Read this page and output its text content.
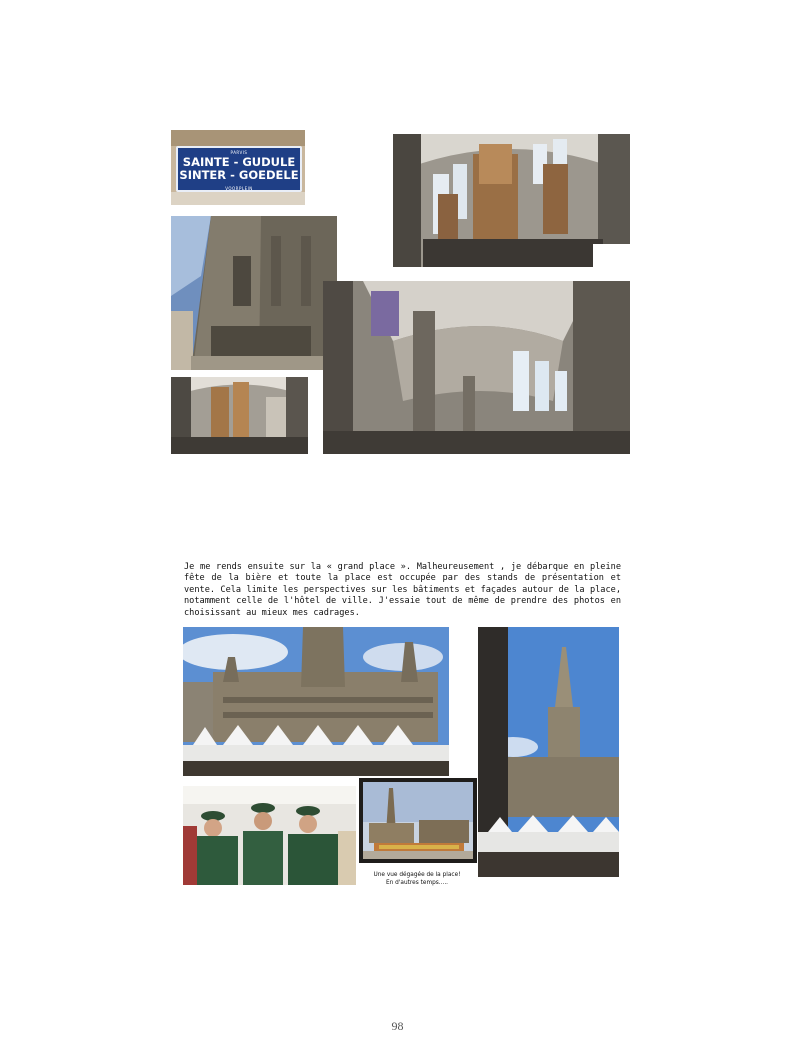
PARVIS
SAINTE - GUDULE
SINTER - GOEDELE
VOORPLEIN
Je me rends ensuite sur la « grand place ». Malheureusement , je débarque en pleine fête de la bière et toute la place est occupée par des stands de présentation et vente. Cela limite les perspectives sur les bâtiments et façades autour de la place, notamment celle de l'hôtel de ville. J'essaie tout de même de prendre des photos en choisissant au mieux mes cadrages.
Une vue dégagée de la place!
En d'autres temps.....
98
